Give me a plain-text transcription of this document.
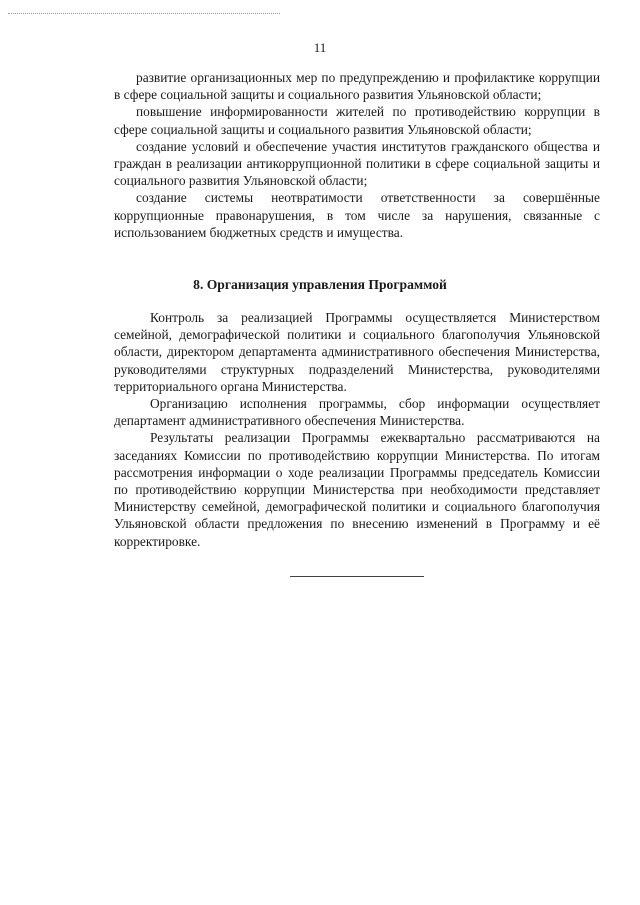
11

развитие организационных мер по предупреждению и профилактике коррупции в сфере социальной защиты и социального развития Ульяновской области;

повышение информированности жителей по противодействию коррупции в сфере социальной защиты и социального развития Ульяновской области;

создание условий и обеспечение участия институтов гражданского общества и граждан в реализации антикоррупционной политики в сфере социальной защиты и социального развития Ульяновской области;

создание системы неотвратимости ответственности за совершённые коррупционные правонарушения, в том числе за нарушения, связанные с использованием бюджетных средств и имущества.

8. Организация управления Программой

Контроль за реализацией Программы осуществляется Министерством семейной, демографической политики и социального благополучия Ульяновской области, директором департамента административного обеспечения Министерства, руководителями структурных подразделений Министерства, руководителями территориального органа Министерства.

Организацию исполнения программы, сбор информации осуществляет департамент административного обеспечения Министерства.

Результаты реализации Программы ежеквартально рассматриваются на заседаниях Комиссии по противодействию коррупции Министерства. По итогам рассмотрения информации о ходе реализации Программы председатель Комиссии по противодействию коррупции Министерства при необходимости представляет Министерству семейной, демографической политики и социального благополучия Ульяновской области предложения по внесению изменений в Программу и её корректировке.
